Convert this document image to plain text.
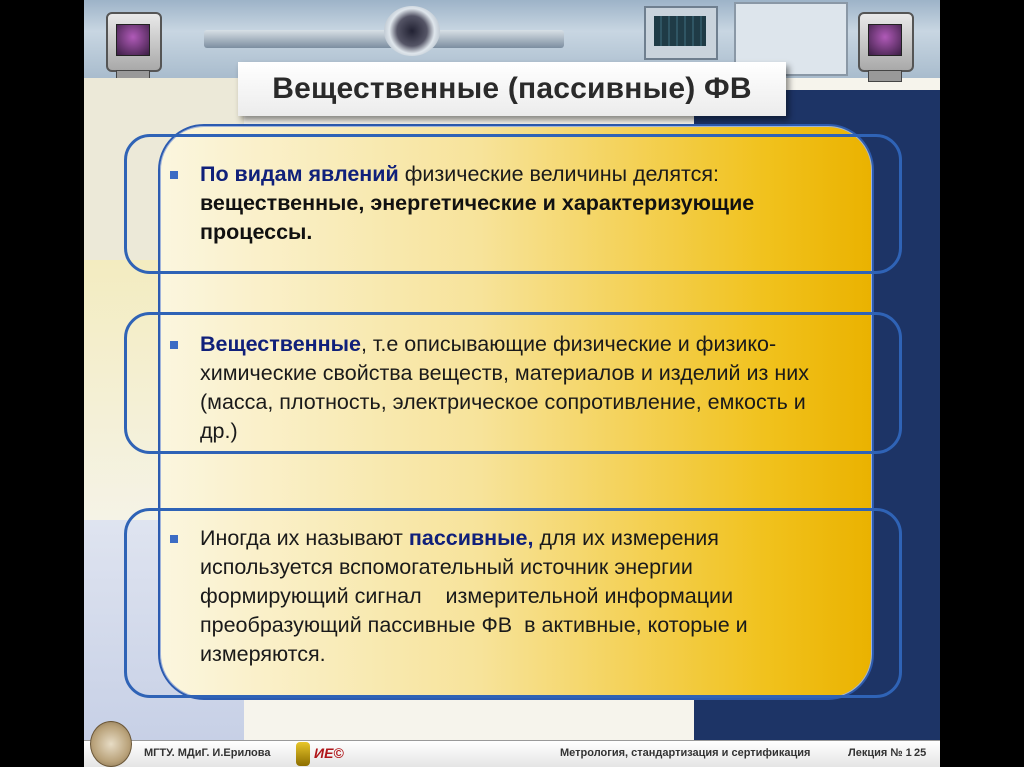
Вещественные (пассивные) ФВ
По видам явлений физические величины делятся: вещественные, энергетические и характеризующие процессы.
Вещественные, т.е описывающие физические и физико-химические свойства веществ, материалов и изделий из них (масса, плотность, электрическое сопротивление, емкость и др.)
Иногда их называют пассивные, для их измерения используется вспомогательный источник энергии формирующий сигнал    измерительной информации преобразующий пассивные ФВ  в активные, которые и измеряются.
МГТУ. МДиГ. И.Ерилова	ИЕ©	Метрология, стандартизация и сертификация	Лекция № 1 25
